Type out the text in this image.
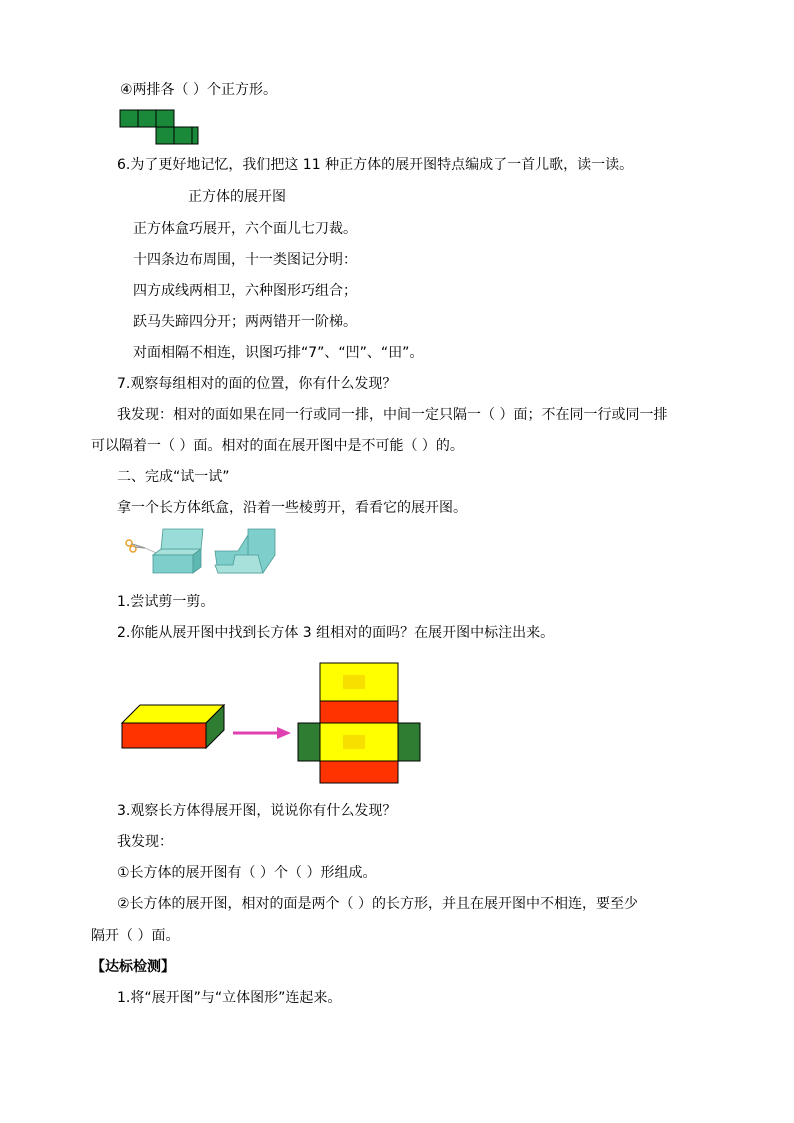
④两排各（ ）个正方形。
6.为了更好地记忆，我们把这 11 种正方体的展开图特点编成了一首儿歌，读一读。
正方体的展开图
正方体盒巧展开，六个面儿七刀裁。
十四条边布周围，十一类图记分明：
四方成线两相卫，六种图形巧组合；
跃马失蹄四分开；两两错开一阶梯。
对面相隔不相连，识图巧排“7”、“凹”、“田”。
7.观察每组相对的面的位置，你有什么发现？
我发现：相对的面如果在同一行或同一排，中间一定只隔一（ ）面；不在同一行或同一排
可以隔着一（ ）面。相对的面在展开图中是不可能（ ）的。
二、完成“试一试”
拿一个长方体纸盒，沿着一些棱剪开，看看它的展开图。
1.尝试剪一剪。
2.你能从展开图中找到长方体 3 组相对的面吗？在展开图中标注出来。
3.观察长方体得展开图，说说你有什么发现？
我发现：
①长方体的展开图有（ ）个（ ）形组成。
②长方体的展开图，相对的面是两个（ ）的长方形，并且在展开图中不相连，要至少
隔开（ ）面。
【达标检测】
1.将“展开图”与“立体图形”连起来。
